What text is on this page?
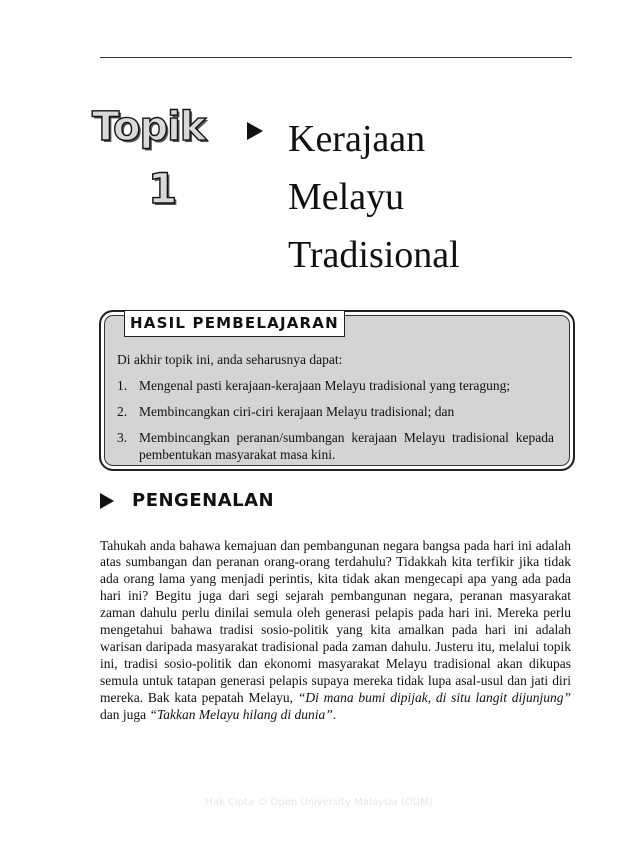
Topik
1
Kerajaan
Melayu
Tradisional
HASIL PEMBELAJARAN
Di akhir topik ini, anda seharusnya dapat:
1. Mengenal pasti kerajaan-kerajaan Melayu tradisional yang teragung;
2. Membincangkan ciri-ciri kerajaan Melayu tradisional; dan
3. Membincangkan peranan/sumbangan kerajaan Melayu tradisional kepada pembentukan masyarakat masa kini.
PENGENALAN

Tahukah anda bahawa kemajuan dan pembangunan negara bangsa pada hari ini adalah atas sumbangan dan peranan orang-orang terdahulu? Tidakkah kita terfikir jika tidak ada orang lama yang menjadi perintis, kita tidak akan mengecapi apa yang ada pada hari ini? Begitu juga dari segi sejarah pembangunan negara, peranan masyarakat zaman dahulu perlu dinilai semula oleh generasi pelapis pada hari ini. Mereka perlu mengetahui bahawa tradisi sosio-politik yang kita amalkan pada hari ini adalah warisan daripada masyarakat tradisional pada zaman dahulu. Justeru itu, melalui topik ini, tradisi sosio-politik dan ekonomi masyarakat Melayu tradisional akan dikupas semula untuk tatapan generasi pelapis supaya mereka tidak lupa asal-usul dan jati diri mereka. Bak kata pepatah Melayu, “Di mana bumi dipijak, di situ langit dijunjung” dan juga “Takkan Melayu hilang di dunia”.

Hak Cipta © Open University Malaysia (OUM)
